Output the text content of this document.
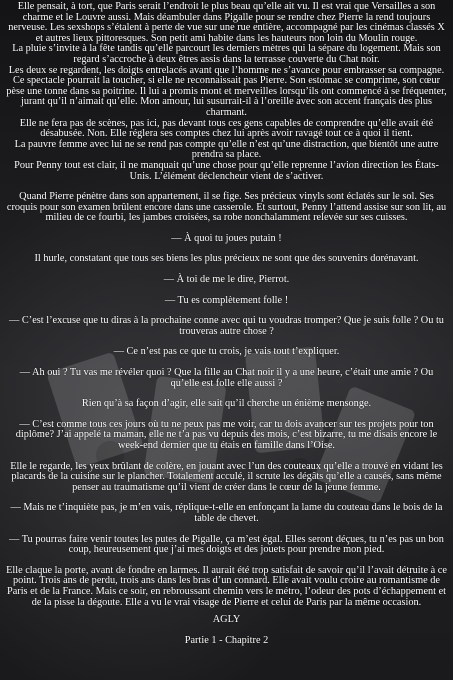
Elle pensait, à tort, que Paris serait l’endroit le plus beau qu’elle ait vu. Il est vrai que Versailles a son charme et le Louvre aussi. Mais déambuler dans Pigalle pour se rendre chez Pierre la rend toujours nerveuse. Les sexshops s’étalent à perte de vue sur une rue entière, accompagné par les cinémas classés X et autres lieux pittoresques. Son petit ami habite dans les hauteurs non loin du Moulin rouge.

La pluie s’invite à la fête tandis qu’elle parcourt les derniers mètres qui la sépare du logement. Mais son regard s’accroche à deux êtres assis dans la terrasse couverte du Chat noir.

Les deux se regardent, les doigts entrelacés avant que l’homme ne s’avance pour embrasser sa compagne. Ce spectacle pourrait la toucher, si elle ne reconnaissait pas Pierre. Son estomac se comprime, son cœur pèse une tonne dans sa poitrine. Il lui a promis mont et merveilles lorsqu’ils ont commencé à se fréquenter, jurant qu’il n’aimait qu’elle. Mon amour, lui susurrait-il à l’oreille avec son accent français des plus charmant.

Elle ne fera pas de scènes, pas ici, pas devant tous ces gens capables de comprendre qu’elle avait été désabusée. Non. Elle réglera ses comptes chez lui après avoir ravagé tout ce à quoi il tient.

La pauvre femme avec lui ne se rend pas compte qu’elle n’est qu’une distraction, que bientôt une autre prendra sa place.

Pour Penny tout est clair, il ne manquait qu’une chose pour qu’elle reprenne l’avion direction les États-Unis. L’élément déclencheur vient de s’activer.

Quand Pierre pénètre dans son appartement, il se fige. Ses précieux vinyls sont éclatés sur le sol. Ses croquis pour son examen brûlent encore dans une casserole. Et surtout, Penny l’attend assise sur son lit, au milieu de ce fourbi, les jambes croisées, sa robe nonchalamment relevée sur ses cuisses.

— À quoi tu joues putain !

Il hurle, constatant que tous ses biens les plus précieux ne sont que des souvenirs dorénavant.

— À toi de me le dire, Pierrot.

— Tu es complètement folle !

— C’est l’excuse que tu diras à la prochaine conne avec qui tu voudras tromper? Que je suis folle ? Ou tu trouveras autre chose ?

— Ce n’est pas ce que tu crois, je vais tout t’expliquer.

— Ah oui ? Tu vas me révéler quoi ? Que la fille au Chat noir il y a une heure, c’était une amie ? Ou qu’elle est folle elle aussi ?

Rien qu’à sa façon d’agir, elle sait qu’il cherche un énième mensonge.

— C’est comme tous ces jours où tu ne peux pas me voir, car tu dois avancer sur tes projets pour ton diplôme? J’ai appelé ta maman, elle ne t’a pas vu depuis des mois, c’est bizarre, tu me disais encore le week-end dernier que tu étais en famille dans l’Oise.

Elle le regarde, les yeux brûlant de colère, en jouant avec l’un des couteaux qu’elle a trouvé en vidant les placards de la cuisine sur le plancher. Totalement acculé, il scrute les dégâts qu’elle a causés, sans même penser au traumatisme qu’il vient de créer dans le cœur de la jeune femme.

— Mais ne t’inquiète pas, je m’en vais, réplique-t-elle en enfonçant la lame du couteau dans le bois de la table de chevet.

— Tu pourras faire venir toutes les putes de Pigalle, ça m’est égal. Elles seront déçues, tu n’es pas un bon coup, heureusement que j’ai mes doigts et des jouets pour prendre mon pied.

Elle claque la porte, avant de fondre en larmes. Il aurait été trop satisfait de savoir qu’il l’avait détruite à ce point. Trois ans de perdu, trois ans dans les bras d’un connard. Elle avait voulu croire au romantisme de Paris et de la France. Mais ce soir, en rebroussant chemin vers le métro, l’odeur des pots d’échappement et de la pisse la dégoute. Elle a vu le vrai visage de Pierre et celui de Paris par la même occasion.

AGLY

Partie 1 - Chapitre 2
